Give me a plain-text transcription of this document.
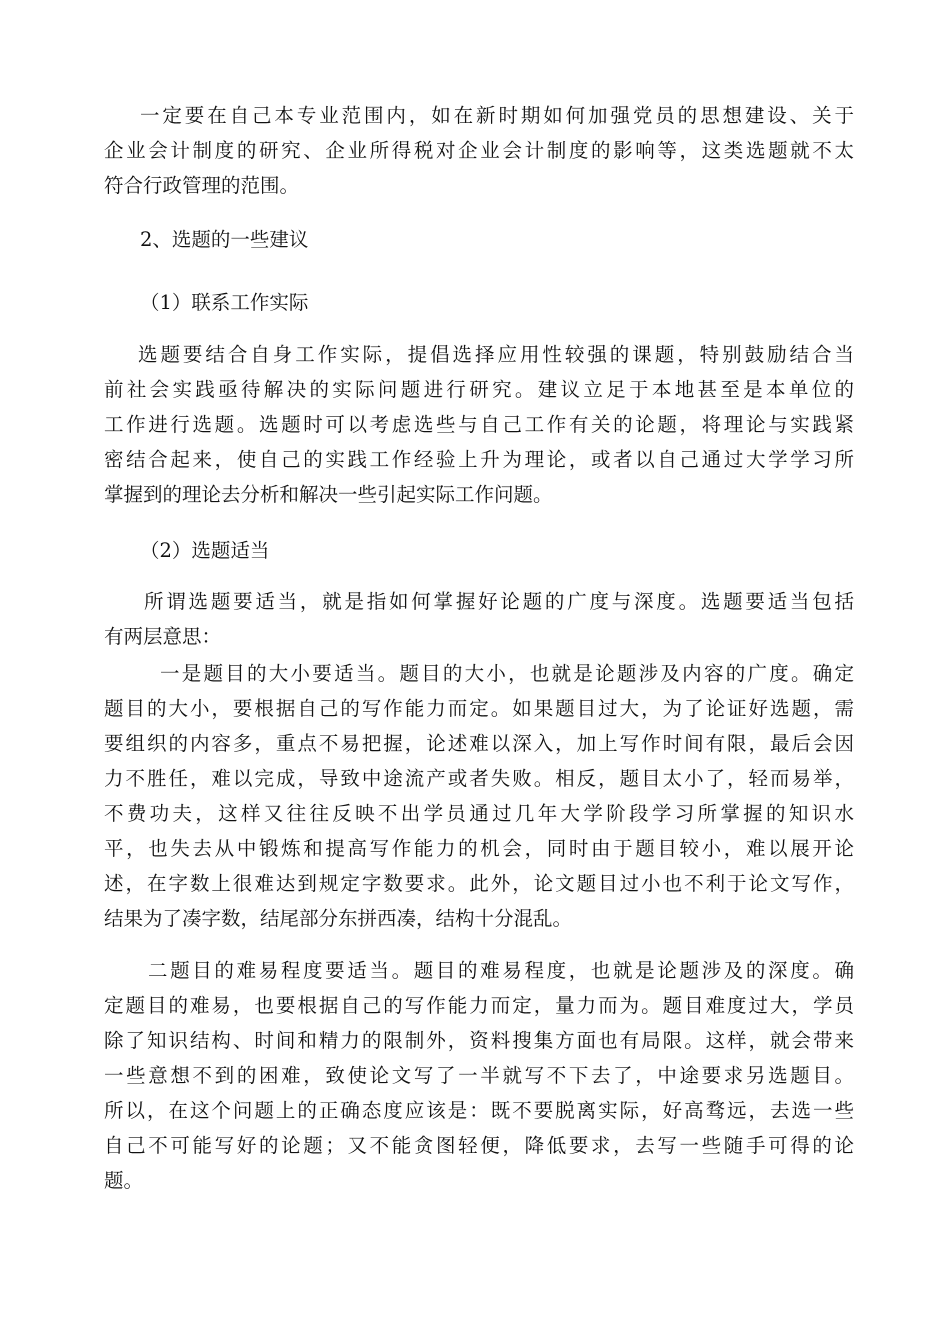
一定要在自己本专业范围内，如在新时期如何加强党员的思想建设、关于
企业会计制度的研究、企业所得税对企业会计制度的影响等，这类选题就不太
符合行政管理的范围。

2、选题的一些建议

（1）联系工作实际

选题要结合自身工作实际，提倡选择应用性较强的课题，特别鼓励结合当
前社会实践亟待解决的实际问题进行研究。建议立足于本地甚至是本单位的
工作进行选题。选题时可以考虑选些与自己工作有关的论题，将理论与实践紧
密结合起来，使自己的实践工作经验上升为理论，或者以自己通过大学学习所
掌握到的理论去分析和解决一些引起实际工作问题。

（2）选题适当

所谓选题要适当，就是指如何掌握好论题的广度与深度。选题要适当包括
有两层意思：
一是题目的大小要适当。题目的大小，也就是论题涉及内容的广度。确定
题目的大小，要根据自己的写作能力而定。如果题目过大，为了论证好选题，需
要组织的内容多，重点不易把握，论述难以深入，加上写作时间有限，最后会因
力不胜任，难以完成，导致中途流产或者失败。相反，题目太小了，轻而易举，
不费功夫，这样又往往反映不出学员通过几年大学阶段学习所掌握的知识水
平，也失去从中锻炼和提高写作能力的机会，同时由于题目较小，难以展开论
述，在字数上很难达到规定字数要求。此外，论文题目过小也不利于论文写作，
结果为了凑字数，结尾部分东拼西凑，结构十分混乱。
二题目的难易程度要适当。题目的难易程度，也就是论题涉及的深度。确
定题目的难易，也要根据自己的写作能力而定，量力而为。题目难度过大，学员
除了知识结构、时间和精力的限制外，资料搜集方面也有局限。这样，就会带来
一些意想不到的困难，致使论文写了一半就写不下去了，中途要求另选题目。
所以，在这个问题上的正确态度应该是：既不要脱离实际，好高骛远，去选一些
自己不可能写好的论题；又不能贪图轻便，降低要求，去写一些随手可得的论
题。
